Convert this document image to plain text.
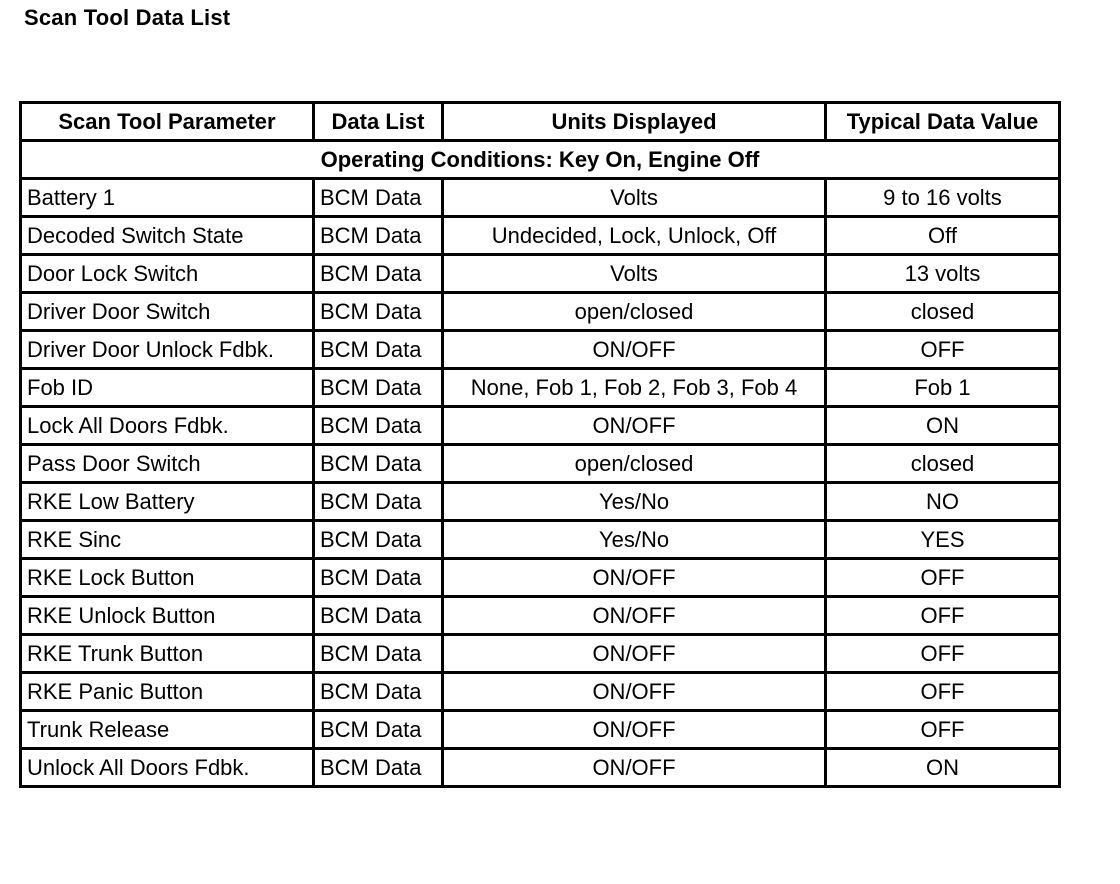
Scan Tool Data List
Scan Tool Parameter	Data List	Units Displayed	Typical Data Value
Operating Conditions: Key On, Engine Off			
Battery 1	BCM Data	Volts	9 to 16 volts
Decoded Switch State	BCM Data	Undecided, Lock, Unlock, Off	Off
Door Lock Switch	BCM Data	Volts	13 volts
Driver Door Switch	BCM Data	open/closed	closed
Driver Door Unlock Fdbk.	BCM Data	ON/OFF	OFF
Fob ID	BCM Data	None, Fob 1, Fob 2, Fob 3, Fob 4	Fob 1
Lock All Doors Fdbk.	BCM Data	ON/OFF	ON
Pass Door Switch	BCM Data	open/closed	closed
RKE Low Battery	BCM Data	Yes/No	NO
RKE Sinc	BCM Data	Yes/No	YES
RKE Lock Button	BCM Data	ON/OFF	OFF
RKE Unlock Button	BCM Data	ON/OFF	OFF
RKE Trunk Button	BCM Data	ON/OFF	OFF
RKE Panic Button	BCM Data	ON/OFF	OFF
Trunk Release	BCM Data	ON/OFF	OFF
Unlock All Doors Fdbk.	BCM Data	ON/OFF	ON
